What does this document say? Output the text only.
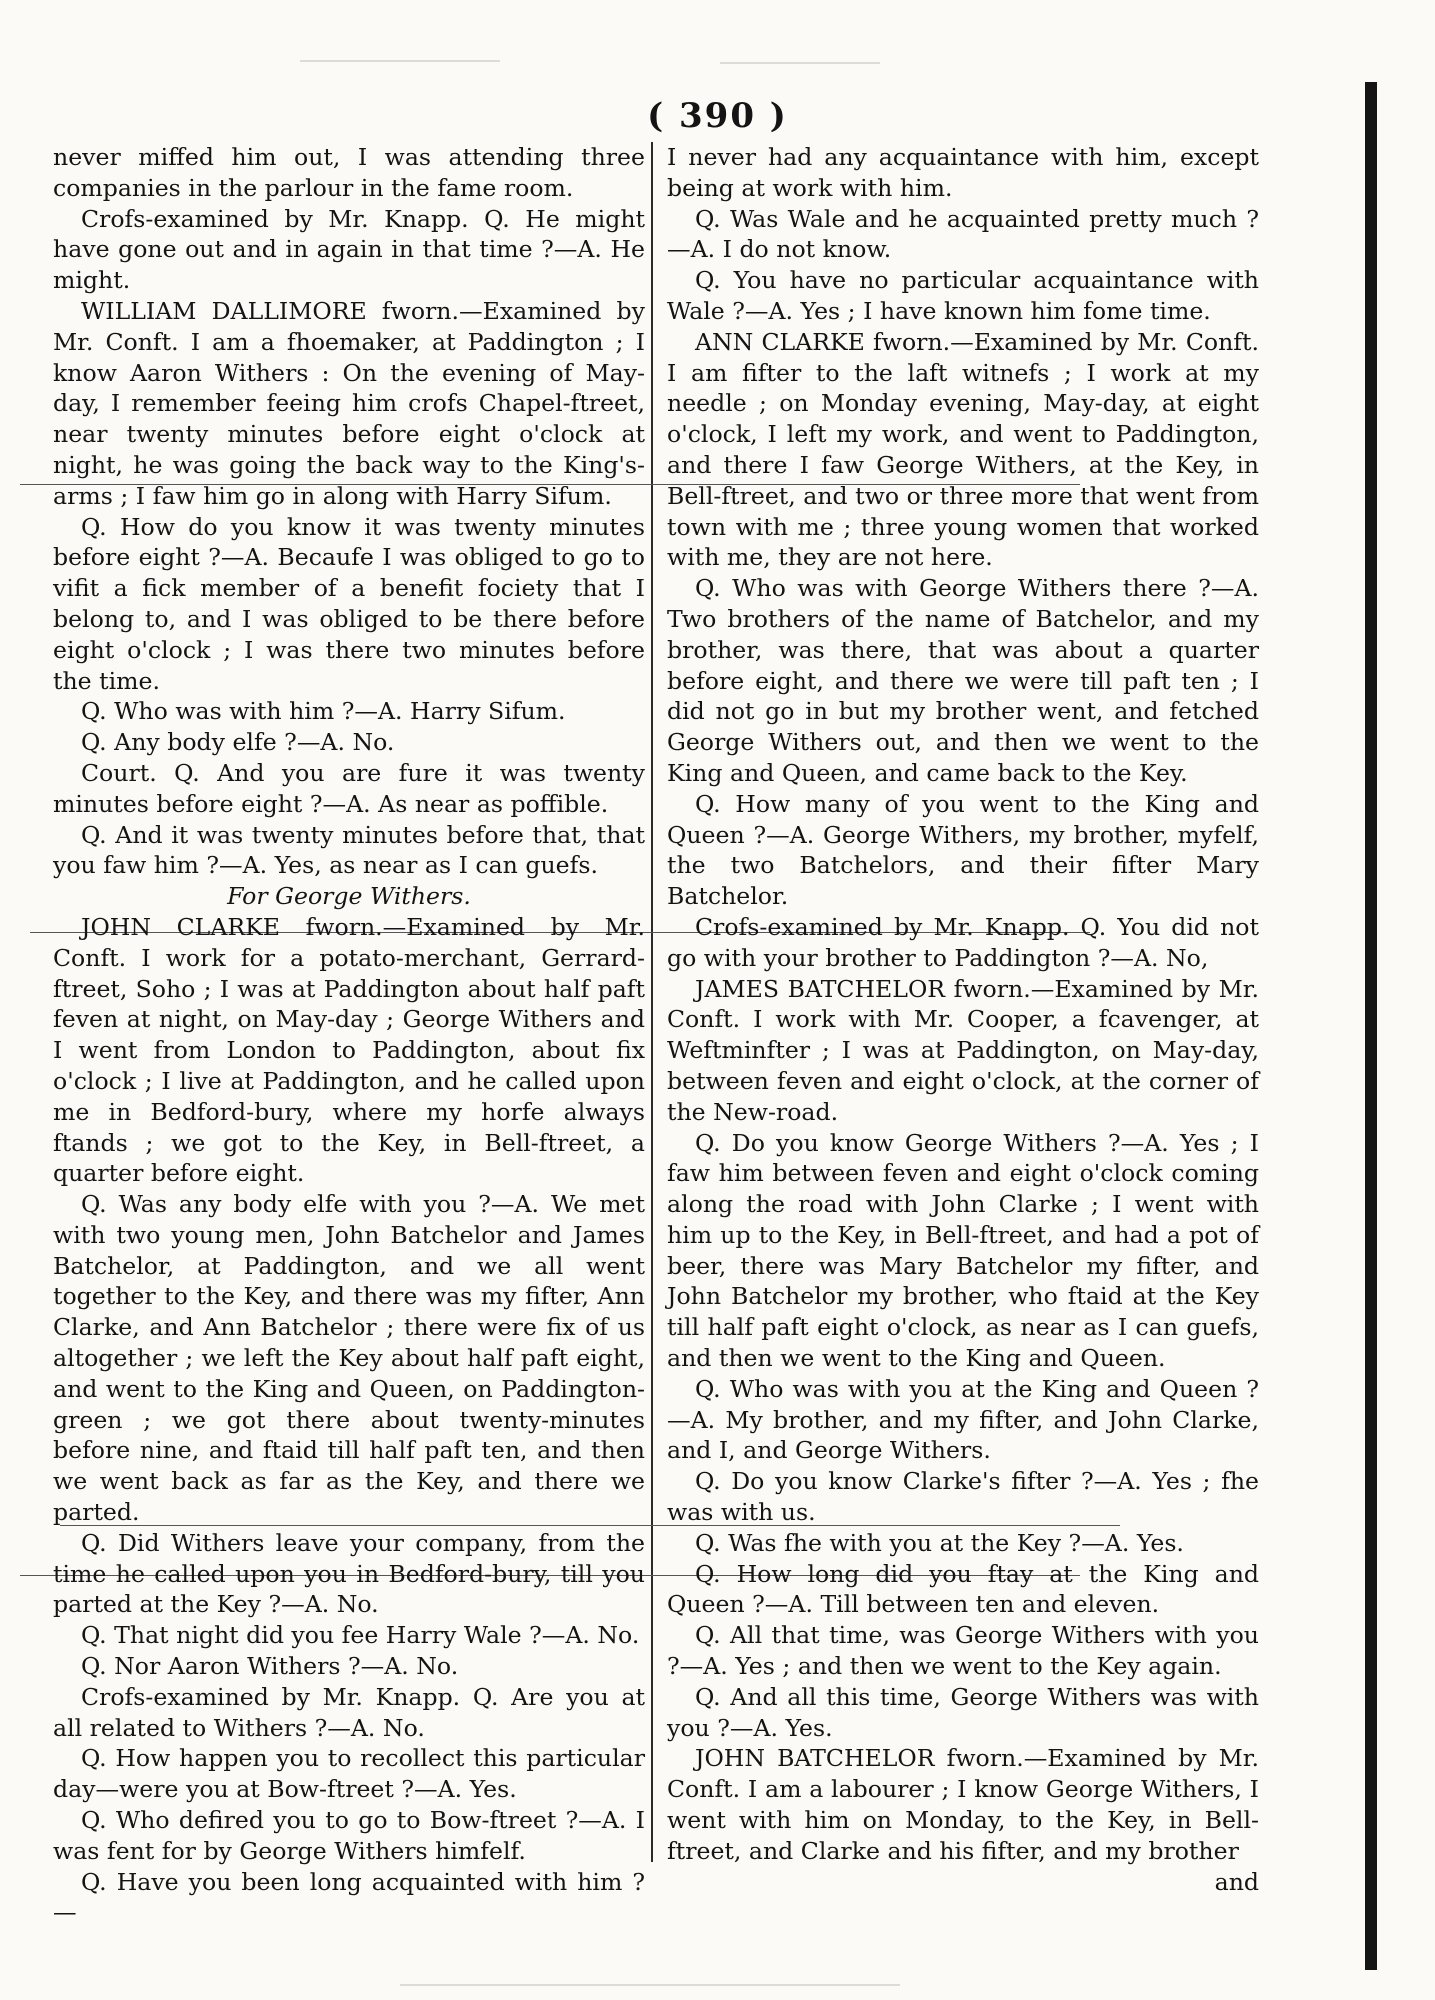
( 390 )

never miffed him out, I was attending three companies in the parlour in the fame room.

Crofs-examined by Mr. Knapp. Q. He might have gone out and in again in that time ?—A. He might.

WILLIAM DALLIMORE fworn.—Examined by Mr. Conft. I am a fhoemaker, at Paddington ; I know Aaron Withers : On the evening of May-day, I remember feeing him crofs Chapel-ftreet, near twenty minutes before eight o'clock at night, he was going the back way to the King's-arms ; I faw him go in along with Harry Sifum.

Q. How do you know it was twenty minutes before eight ?—A. Becaufe I was obliged to go to vifit a fick member of a benefit fociety that I belong to, and I was obliged to be there before eight o'clock ; I was there two minutes before the time.

Q. Who was with him ?—A. Harry Sifum.

Q. Any body elfe ?—A. No.

Court. Q. And you are fure it was twenty minutes before eight ?—A. As near as poffible.

Q. And it was twenty minutes before that, that you faw him ?—A. Yes, as near as I can guefs.

For George Withers.

JOHN CLARKE fworn.—Examined by Mr. Conft. I work for a potato-merchant, Gerrard-ftreet, Soho ; I was at Paddington about half paft feven at night, on May-day ; George Withers and I went from London to Paddington, about fix o'clock ; I live at Paddington, and he called upon me in Bedford-bury, where my horfe always ftands ; we got to the Key, in Bell-ftreet, a quarter before eight.

Q. Was any body elfe with you ?—A. We met with two young men, John Batchelor and James Batchelor, at Paddington, and we all went together to the Key, and there was my fifter, Ann Clarke, and Ann Batchelor ; there were fix of us altogether ; we left the Key about half paft eight, and went to the King and Queen, on Paddington-green ; we got there about twenty-minutes before nine, and ftaid till half paft ten, and then we went back as far as the Key, and there we parted.

Q. Did Withers leave your company, from the time he called upon you in Bedford-bury, till you parted at the Key ?—A. No.

Q. That night did you fee Harry Wale ?—A. No.

Q. Nor Aaron Withers ?—A. No.

Crofs-examined by Mr. Knapp. Q. Are you at all related to Withers ?—A. No.

Q. How happen you to recollect this particular day—were you at Bow-ftreet ?—A. Yes.

Q. Who defired you to go to Bow-ftreet ?—A. I was fent for by George Withers himfelf.

Q. Have you been long acquainted with him ?—

I never had any acquaintance with him, except being at work with him.

Q. Was Wale and he acquainted pretty much ?—A. I do not know.

Q. You have no particular acquaintance with Wale ?—A. Yes ; I have known him fome time.

ANN CLARKE fworn.—Examined by Mr. Conft. I am fifter to the laft witnefs ; I work at my needle ; on Monday evening, May-day, at eight o'clock, I left my work, and went to Paddington, and there I faw George Withers, at the Key, in Bell-ftreet, and two or three more that went from town with me ; three young women that worked with me, they are not here.

Q. Who was with George Withers there ?—A. Two brothers of the name of Batchelor, and my brother, was there, that was about a quarter before eight, and there we were till paft ten ; I did not go in but my brother went, and fetched George Withers out, and then we went to the King and Queen, and came back to the Key.

Q. How many of you went to the King and Queen ?—A. George Withers, my brother, myfelf, the two Batchelors, and their fifter Mary Batchelor.

Crofs-examined by Mr. Knapp. Q. You did not go with your brother to Paddington ?—A. No,

JAMES BATCHELOR fworn.—Examined by Mr. Conft. I work with Mr. Cooper, a fcavenger, at Weftminfter ; I was at Paddington, on May-day, between feven and eight o'clock, at the corner of the New-road.

Q. Do you know George Withers ?—A. Yes ; I faw him between feven and eight o'clock coming along the road with John Clarke ; I went with him up to the Key, in Bell-ftreet, and had a pot of beer, there was Mary Batchelor my fifter, and John Batchelor my brother, who ftaid at the Key till half paft eight o'clock, as near as I can guefs, and then we went to the King and Queen.

Q. Who was with you at the King and Queen ?—A. My brother, and my fifter, and John Clarke, and I, and George Withers.

Q. Do you know Clarke's fifter ?—A. Yes ; fhe was with us.

Q. Was fhe with you at the Key ?—A. Yes.

Q. How long did you ftay at the King and Queen ?—A. Till between ten and eleven.

Q. All that time, was George Withers with you ?—A. Yes ; and then we went to the Key again.

Q. And all this time, George Withers was with you ?—A. Yes.

JOHN BATCHELOR fworn.—Examined by Mr. Conft. I am a labourer ; I know George Withers, I went with him on Monday, to the Key, in Bell-ftreet, and Clarke and his fifter, and my brother

and
